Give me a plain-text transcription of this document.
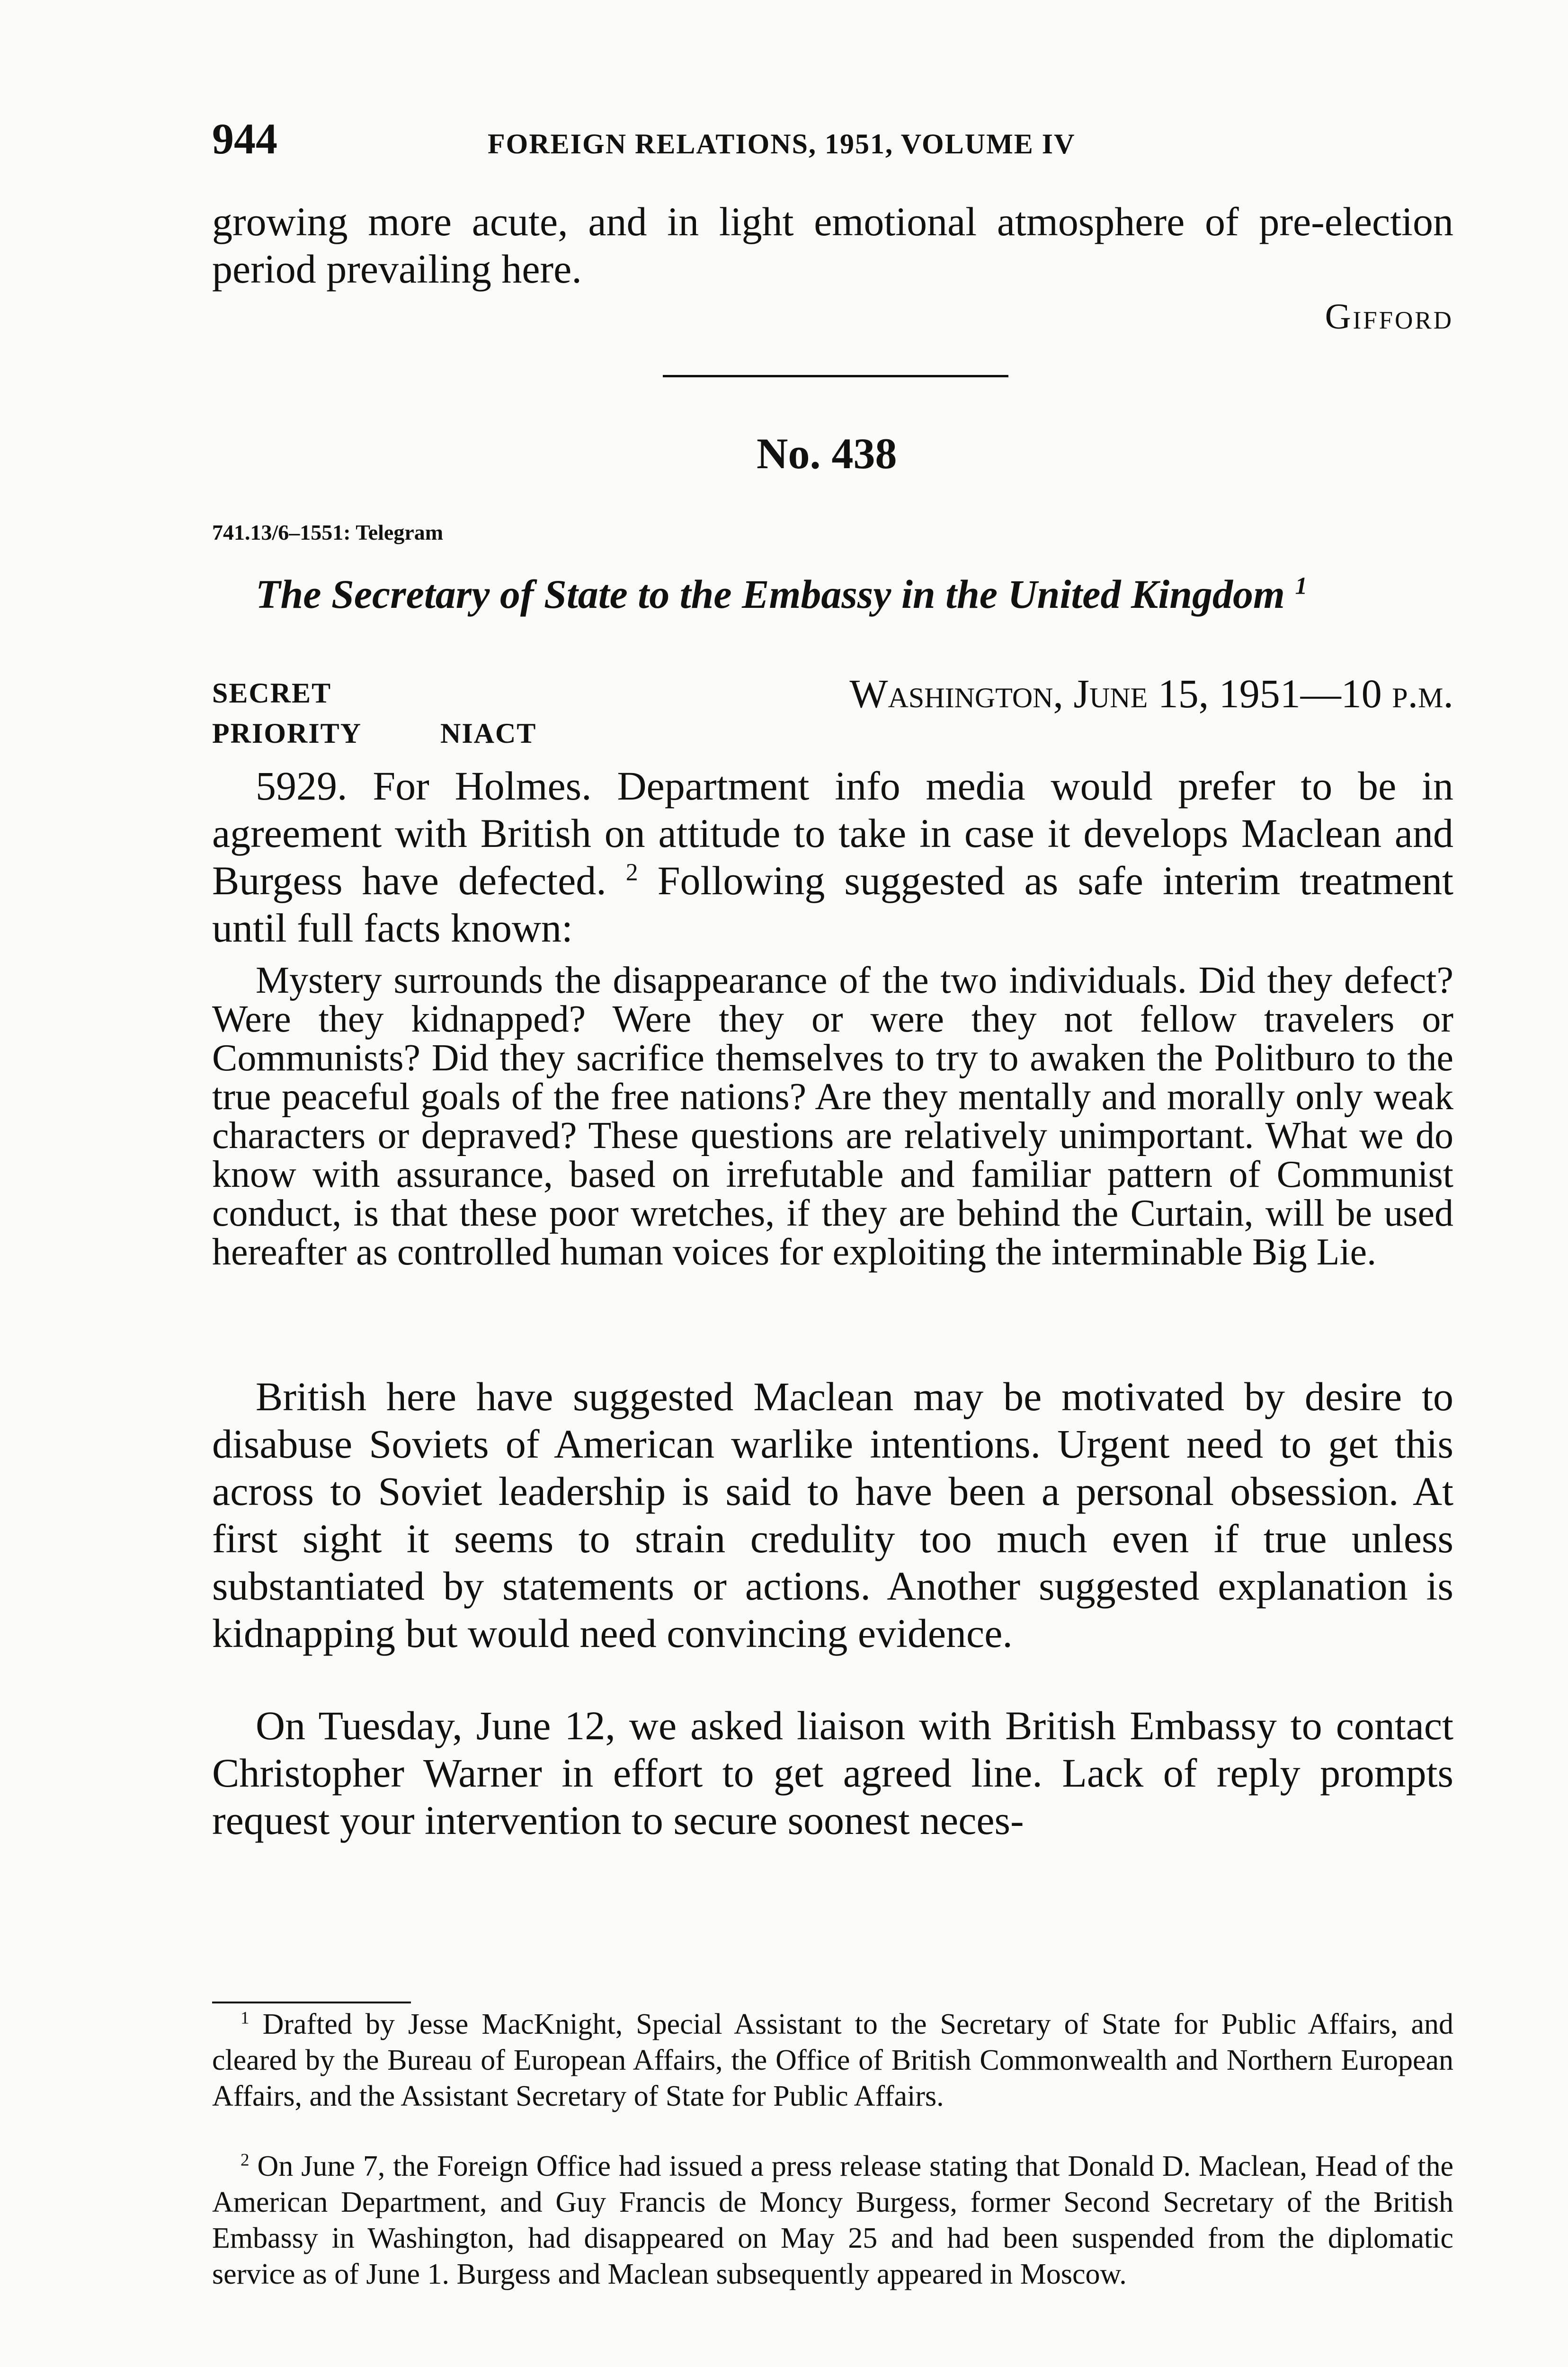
944	FOREIGN RELATIONS, 1951, VOLUME IV
growing more acute, and in light emotional atmosphere of pre-election period prevailing here.
Gifford
No. 438
741.13/6–1551: Telegram
The Secretary of State to the Embassy in the United Kingdom $^1$
SECRET	Washington, June 15, 1951—10 p.m.
PRIORITY	NIACT
5929. For Holmes. Department info media would prefer to be in agreement with British on attitude to take in case it develops Maclean and Burgess have defected. $^2$ Following suggested as safe interim treatment until full facts known:
Mystery surrounds the disappearance of the two individuals. Did they defect? Were they kidnapped? Were they or were they not fellow travelers or Communists? Did they sacrifice themselves to try to awaken the Politburo to the true peaceful goals of the free nations? Are they mentally and morally only weak characters or depraved? These questions are relatively unimportant. What we do know with assurance, based on irrefutable and familiar pattern of Communist conduct, is that these poor wretches, if they are behind the Curtain, will be used hereafter as controlled human voices for exploiting the interminable Big Lie.
British here have suggested Maclean may be motivated by desire to disabuse Soviets of American warlike intentions. Urgent need to get this across to Soviet leadership is said to have been a personal obsession. At first sight it seems to strain credulity too much even if true unless substantiated by statements or actions. Another suggested explanation is kidnapping but would need convincing evidence.
On Tuesday, June 12, we asked liaison with British Embassy to contact Christopher Warner in effort to get agreed line. Lack of reply prompts request your intervention to secure soonest neces-
$^1$ Drafted by Jesse MacKnight, Special Assistant to the Secretary of State for Public Affairs, and cleared by the Bureau of European Affairs, the Office of British Commonwealth and Northern European Affairs, and the Assistant Secretary of State for Public Affairs.
$^2$ On June 7, the Foreign Office had issued a press release stating that Donald D. Maclean, Head of the American Department, and Guy Francis de Moncy Burgess, former Second Secretary of the British Embassy in Washington, had disappeared on May 25 and had been suspended from the diplomatic service as of June 1. Burgess and Maclean subsequently appeared in Moscow.
